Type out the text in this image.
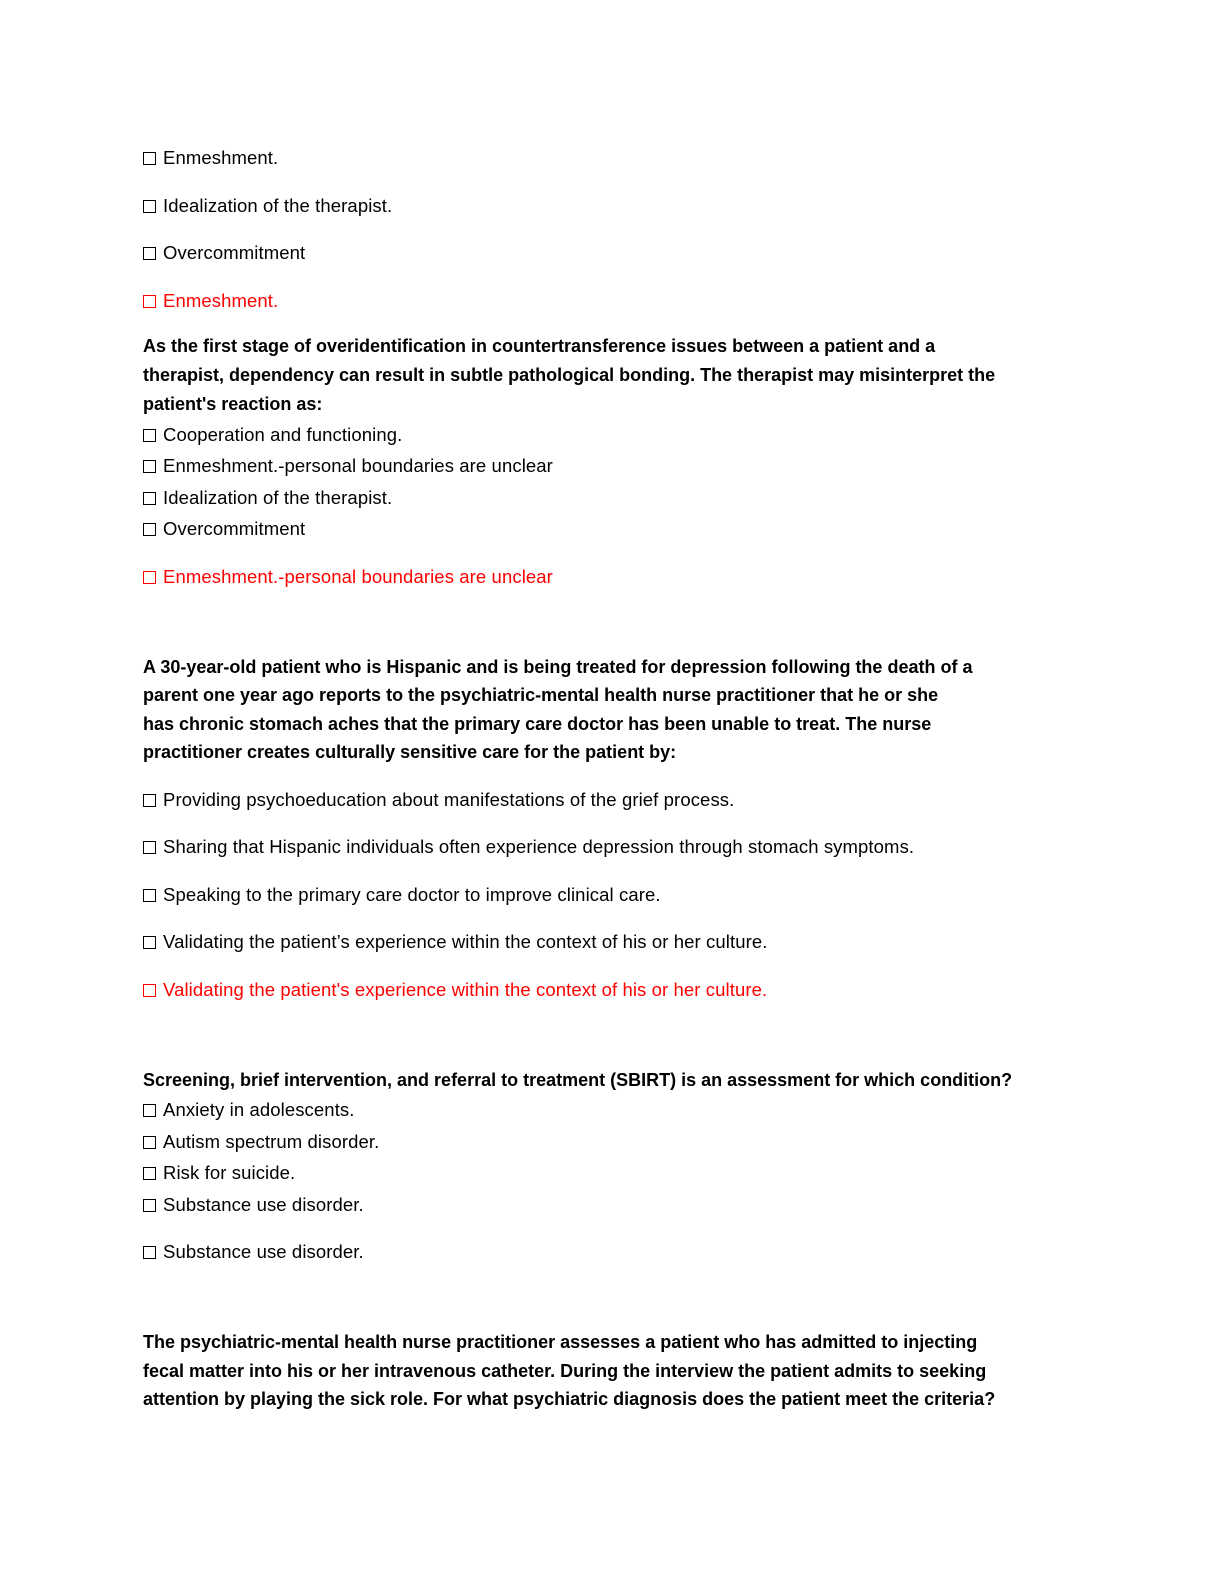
Enmeshment.
Idealization of the therapist.
Overcommitment
Enmeshment.
As the first stage of overidentification in countertransference issues between a patient and a
therapist, dependency can result in subtle pathological bonding. The therapist may misinterpret the
patient's reaction as:
Cooperation and functioning.
Enmeshment.-personal boundaries are unclear
Idealization of the therapist.
Overcommitment
Enmeshment.-personal boundaries are unclear
A 30-year-old patient who is Hispanic and is being treated for depression following the death of a
parent one year ago reports to the psychiatric-mental health nurse practitioner that he or she
has chronic stomach aches that the primary care doctor has been unable to treat. The nurse
practitioner creates culturally sensitive care for the patient by:
Providing psychoeducation about manifestations of the grief process.
Sharing that Hispanic individuals often experience depression through stomach symptoms.
Speaking to the primary care doctor to improve clinical care.
Validating the patient’s experience within the context of his or her culture.
Validating the patient's experience within the context of his or her culture.
Screening, brief intervention, and referral to treatment (SBIRT) is an assessment for which condition?
Anxiety in adolescents.
Autism spectrum disorder.
Risk for suicide.
Substance use disorder.
Substance use disorder.
The psychiatric-mental health nurse practitioner assesses a patient who has admitted to injecting
fecal matter into his or her intravenous catheter. During the interview the patient admits to seeking
attention by playing the sick role. For what psychiatric diagnosis does the patient meet the criteria?
